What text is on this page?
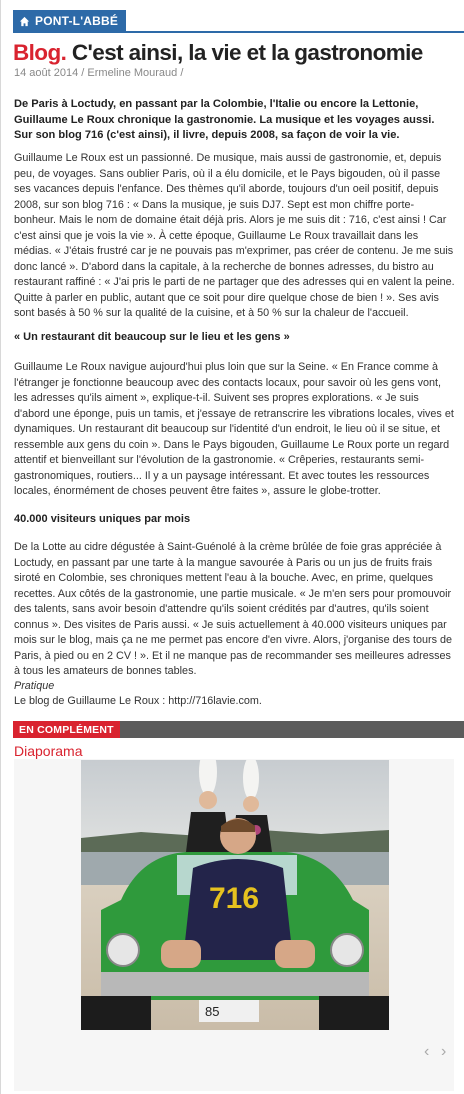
PONT-L'ABBÉ
Blog. C'est ainsi, la vie et la gastronomie
14 août 2014 / Ermeline Mouraud /

De Paris à Loctudy, en passant par la Colombie, l'Italie ou encore la Lettonie, Guillaume Le Roux chronique la gastronomie. La musique et les voyages aussi. Sur son blog 716 (c'est ainsi), il livre, depuis 2008, sa façon de voir la vie.

Guillaume Le Roux est un passionné. De musique, mais aussi de gastronomie, et, depuis peu, de voyages. Sans oublier Paris, où il a élu domicile, et le Pays bigouden, où il passe ses vacances depuis l'enfance. Des thèmes qu'il aborde, toujours d'un oeil positif, depuis 2008, sur son blog 716 : « Dans la musique, je suis DJ7. Sept est mon chiffre porte-bonheur. Mais le nom de domaine était déjà pris. Alors je me suis dit : 716, c'est ainsi ! Car c'est ainsi que je vois la vie ». À cette époque, Guillaume Le Roux travaillait dans les médias. « J'étais frustré car je ne pouvais pas m'exprimer, pas créer de contenu. Je me suis donc lancé ». D'abord dans la capitale, à la recherche de bonnes adresses, du bistro au restaurant raffiné : « J'ai pris le parti de ne partager que des adresses qui en valent la peine. Quitte à parler en public, autant que ce soit pour dire quelque chose de bien ! ». Ses avis sont basés à 50 % sur la qualité de la cuisine, et à 50 % sur la chaleur de l'accueil.

« Un restaurant dit beaucoup sur le lieu et les gens »

Guillaume Le Roux navigue aujourd'hui plus loin que sur la Seine. « En France comme à l'étranger je fonctionne beaucoup avec des contacts locaux, pour savoir où les gens vont, les adresses qu'ils aiment », explique-t-il. Suivent ses propres explorations. « Je suis d'abord une éponge, puis un tamis, et j'essaye de retranscrire les vibrations locales, vives et dynamiques. Un restaurant dit beaucoup sur l'identité d'un endroit, le lieu où il se situe, et ressemble aux gens du coin ». Dans le Pays bigouden, Guillaume Le Roux porte un regard attentif et bienveillant sur l'évolution de la gastronomie. « Crêperies, restaurants semi-gastronomiques, routiers... Il y a un paysage intéressant. Et avec toutes les ressources locales, énormément de choses peuvent être faites », assure le globe-trotter.

40.000 visiteurs uniques par mois

De la Lotte au cidre dégustée à Saint-Guénolé à la crème brûlée de foie gras appréciée à Loctudy, en passant par une tarte à la mangue savourée à Paris ou un jus de fruits frais siroté en Colombie, ses chroniques mettent l'eau à la bouche. Avec, en prime, quelques recettes. Aux côtés de la gastronomie, une partie musicale. « Je m'en sers pour promouvoir des talents, sans avoir besoin d'attendre qu'ils soient crédités par d'autres, qu'ils soient connus ». Des visites de Paris aussi. « Je suis actuellement à 40.000 visiteurs uniques par mois sur le blog, mais ça ne me permet pas encore d'en vivre. Alors, j'organise des tours de Paris, à pied ou en 2 CV ! ». Et il ne manque pas de recommander ses meilleures adresses à tous les amateurs de bonnes tables.

Pratique
Le blog de Guillaume Le Roux : http://716lavie.com.
EN COMPLÉMENT
Diaporama
85
716
‹ ›
